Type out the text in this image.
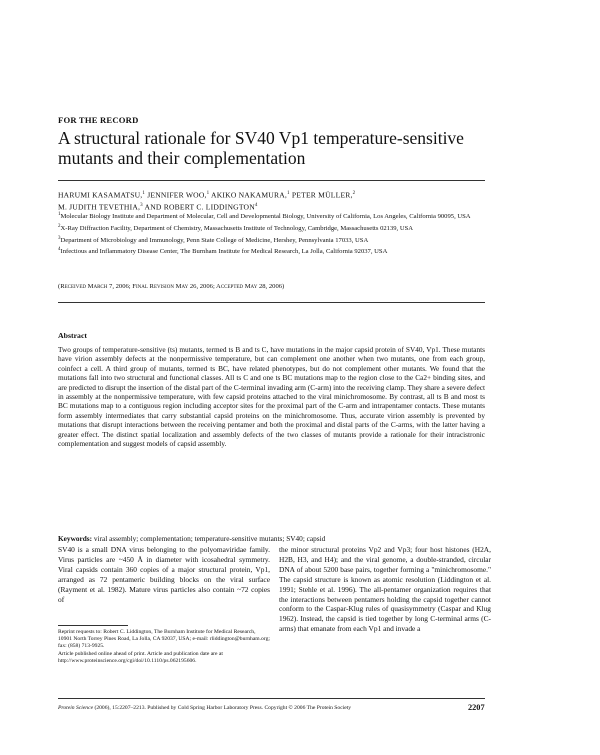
FOR THE RECORD
A structural rationale for SV40 Vp1 temperature-sensitive mutants and their complementation
HARUMI KASAMATSU,$^1$ JENNIFER WOO,$^1$ AKIKO NAKAMURA,$^1$ PETER MÜLLER,$^2$
M. JUDITH TEVETHIA,$^3$ AND ROBERT C. LIDDINGTON$^4$

$^1$Molecular Biology Institute and Department of Molecular, Cell and Developmental Biology, University of California, Los Angeles, California 90095, USA

$^2$X-Ray Diffraction Facility, Department of Chemistry, Massachusetts Institute of Technology, Cambridge, Massachusetts 02139, USA

$^3$Department of Microbiology and Immunology, Penn State College of Medicine, Hershey, Pennsylvania 17033, USA

$^4$Infectious and Inflammatory Disease Center, The Burnham Institute for Medical Research, La Jolla, California 92037, USA

(Received March 7, 2006; Final Revision May 26, 2006; Accepted May 28, 2006)
Abstract

Two groups of temperature-sensitive (ts) mutants, termed ts B and ts C, have mutations in the major capsid protein of SV40, Vp1. These mutants have virion assembly defects at the nonpermissive temperature, but can complement one another when two mutants, one from each group, coinfect a cell. A third group of mutants, termed ts BC, have related phenotypes, but do not complement other mutants. We found that the mutations fall into two structural and functional classes. All ts C and one ts BC mutations map to the region close to the Ca2+ binding sites, and are predicted to disrupt the insertion of the distal part of the C-terminal invading arm (C-arm) into the receiving clamp. They share a severe defect in assembly at the nonpermissive temperature, with few capsid proteins attached to the viral minichromosome. By contrast, all ts B and most ts BC mutations map to a contiguous region including acceptor sites for the proximal part of the C-arm and intrapentamer contacts. These mutants form assembly intermediates that carry substantial capsid proteins on the minichromosome. Thus, accurate virion assembly is prevented by mutations that disrupt interactions between the receiving pentamer and both the proximal and distal parts of the C-arms, with the latter having a greater effect. The distinct spatial localization and assembly defects of the two classes of mutants provide a rationale for their intracistronic complementation and suggest models of capsid assembly.

Keywords: viral assembly; complementation; temperature-sensitive mutants; SV40; capsid

SV40 is a small DNA virus belonging to the polyomaviridae family. Virus particles are ~450 Å in diameter with icosahedral symmetry. Viral capsids contain 360 copies of a major structural protein, Vp1, arranged as 72 pentameric building blocks on the viral surface (Rayment et al. 1982). Mature virus particles also contain ~72 copies of

the minor structural proteins Vp2 and Vp3; four host histones (H2A, H2B, H3, and H4); and the viral genome, a double-stranded, circular DNA of about 5200 base pairs, together forming a "minichromosome." The capsid structure is known as atomic resolution (Liddington et al. 1991; Stehle et al. 1996). The all-pentamer organization requires that the interactions between pentamers holding the capsid together cannot conform to the Caspar-Klug rules of quasisymmetry (Caspar and Klug 1962). Instead, the capsid is tied together by long C-terminal arms (C-arms) that emanate from each Vp1 and invade a

Reprint requests to: Robert C. Liddington, The Burnham Institute for Medical Research, 10901 North Torrey Pines Road, La Jolla, CA 92037, USA; e-mail: rliddington@burnham.org; fax: (858) 713-9925.
Article published online ahead of print. Article and publication date are at http://www.proteinscience.org/cgi/doi/10.1110/ps.062195606.

Protein Science (2006), 15:2207–2213. Published by Cold Spring Harbor Laboratory Press. Copyright © 2006 The Protein Society	2207
